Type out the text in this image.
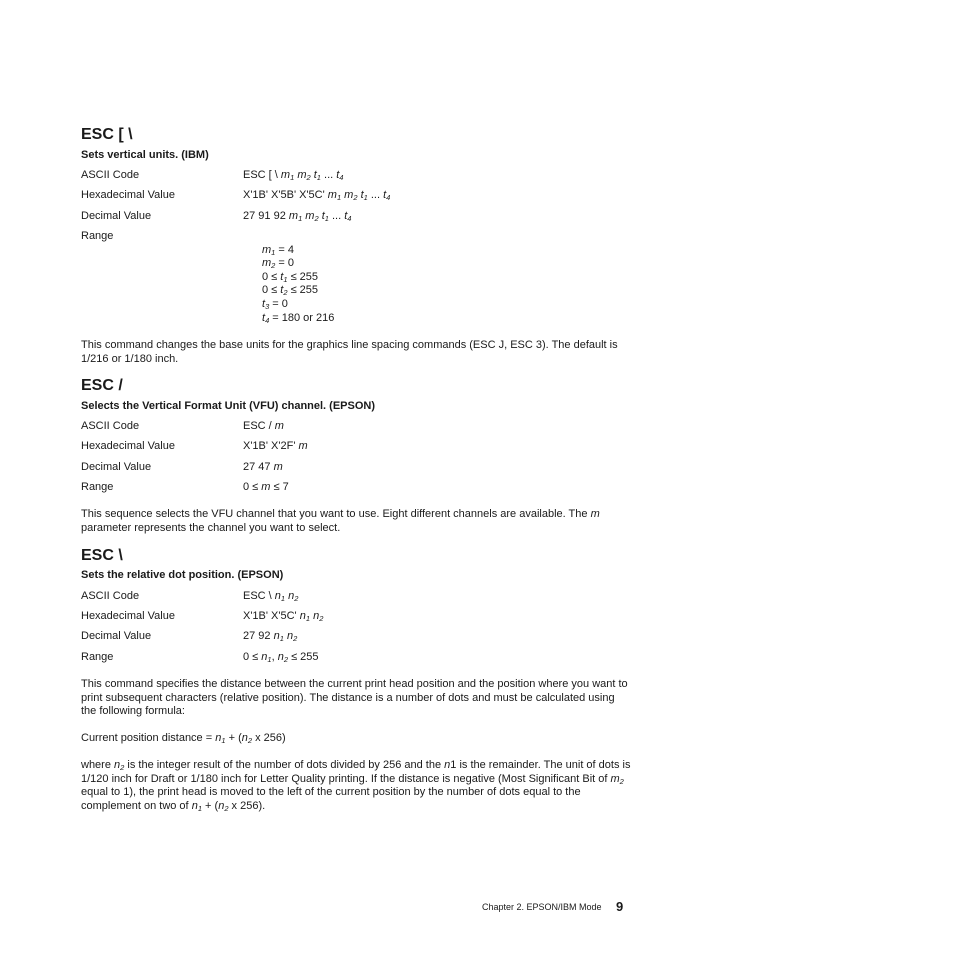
ESC [ \
Sets vertical units. (IBM)
ASCII Code	ESC [ \ $m_1$ $m_2$ $t_1$ ... $t_4$
Hexadecimal Value	X'1B' X'5B' X'5C' $m_1$ $m_2$ $t_1$ ... $t_4$
Decimal Value	27 91 92 $m_1$ $m_2$ $t_1$ ... $t_4$
Range
$m_1 = 4$
$m_2 = 0$
$0 \le t_1 \le 255$
$0 \le t_2 \le 255$
$t_3 = 0$
$t_4 = 180$ or 216
This command changes the base units for the graphics line spacing commands (ESC J, ESC 3). The default is 1/216 or 1/180 inch.
ESC /
Selects the Vertical Format Unit (VFU) channel. (EPSON)
ASCII Code	ESC / m
Hexadecimal Value	X'1B' X'2F' m
Decimal Value	27 47 m
Range	0 ≤ m ≤ 7
This sequence selects the VFU channel that you want to use. Eight different channels are available. The m parameter represents the channel you want to select.
ESC \
Sets the relative dot position. (EPSON)
ASCII Code	ESC \ $n_1$ $n_2$
Hexadecimal Value	X'1B' X'5C' $n_1$ $n_2$
Decimal Value	27 92 $n_1$ $n_2$
Range	$0 \le n_1$, $n_2 \le 255$
This command specifies the distance between the current print head position and the position where you want to print subsequent characters (relative position). The distance is a number of dots and must be calculated using the following formula:
Current position distance = $n_1 + (n_2$ x 256)
where $n_2$ is the integer result of the number of dots divided by 256 and the n1 is the remainder. The unit of dots is 1/120 inch for Draft or 1/180 inch for Letter Quality printing. If the distance is negative (Most Significant Bit of $m_2$ equal to 1), the print head is moved to the left of the current position by the number of dots equal to the complement on two of $n_1 + (n_2$ x 256).
Chapter 2. EPSON/IBM Mode 9
